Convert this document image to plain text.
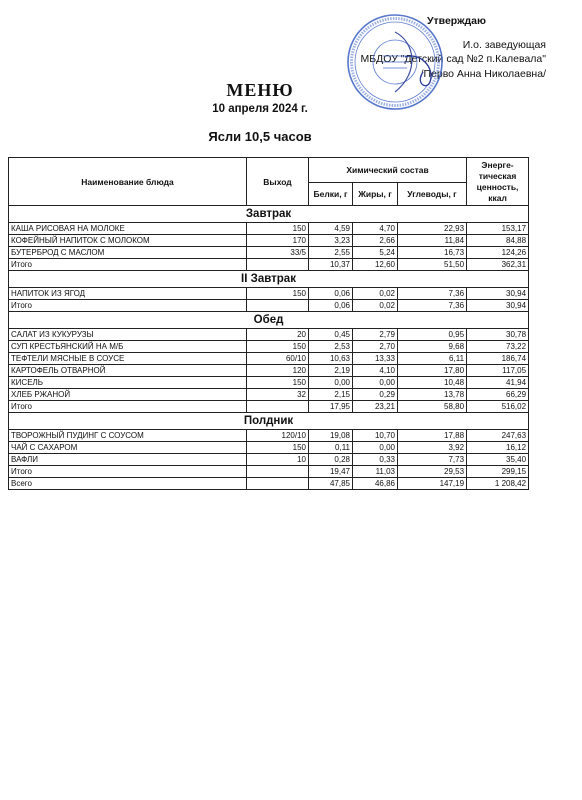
Утверждаю
И.о. заведующая
МБДОУ "Детский сад №2 п.Калевала"
/Перво Анна Николаевна/
МЕНЮ
10 апреля 2024 г.
Ясли 10,5 часов
Наименование блюда	Выход	Химический состав			Энерге-тическая ценность, ккал
		Белки, г	Жиры, г	Углеводы, г	
Завтрак					
КАША РИСОВАЯ НА МОЛОКЕ	150	4,59	4,70	22,93	153,17
КОФЕЙНЫЙ НАПИТОК С МОЛОКОМ	170	3,23	2,66	11,84	84,88
БУТЕРБРОД С МАСЛОМ	33/5	2,55	5,24	16,73	124,26
Итого		10,37	12,60	51,50	362,31
II Завтрак					
НАПИТОК ИЗ ЯГОД	150	0,06	0,02	7,36	30,94
Итого		0,06	0,02	7,36	30,94
Обед					
САЛАТ ИЗ КУКУРУЗЫ	20	0,45	2,79	0,95	30,78
СУП КРЕСТЬЯНСКИЙ НА М/Б	150	2,53	2,70	9,68	73,22
ТЕФТЕЛИ МЯСНЫЕ В СОУСЕ	60/10	10,63	13,33	6,11	186,74
КАРТОФЕЛЬ ОТВАРНОЙ	120	2,19	4,10	17,80	117,05
КИСЕЛЬ	150	0,00	0,00	10,48	41,94
ХЛЕБ РЖАНОЙ	32	2,15	0,29	13,78	66,29
Итого		17,95	23,21	58,80	516,02
Полдник					
ТВОРОЖНЫЙ ПУДИНГ С СОУСОМ	120/10	19,08	10,70	17,88	247,63
ЧАЙ С САХАРОМ	150	0,11	0,00	3,92	16,12
ВАФЛИ	10	0,28	0,33	7,73	35,40
Итого		19,47	11,03	29,53	299,15
Всего		47,85	46,86	147,19	1 208,42
